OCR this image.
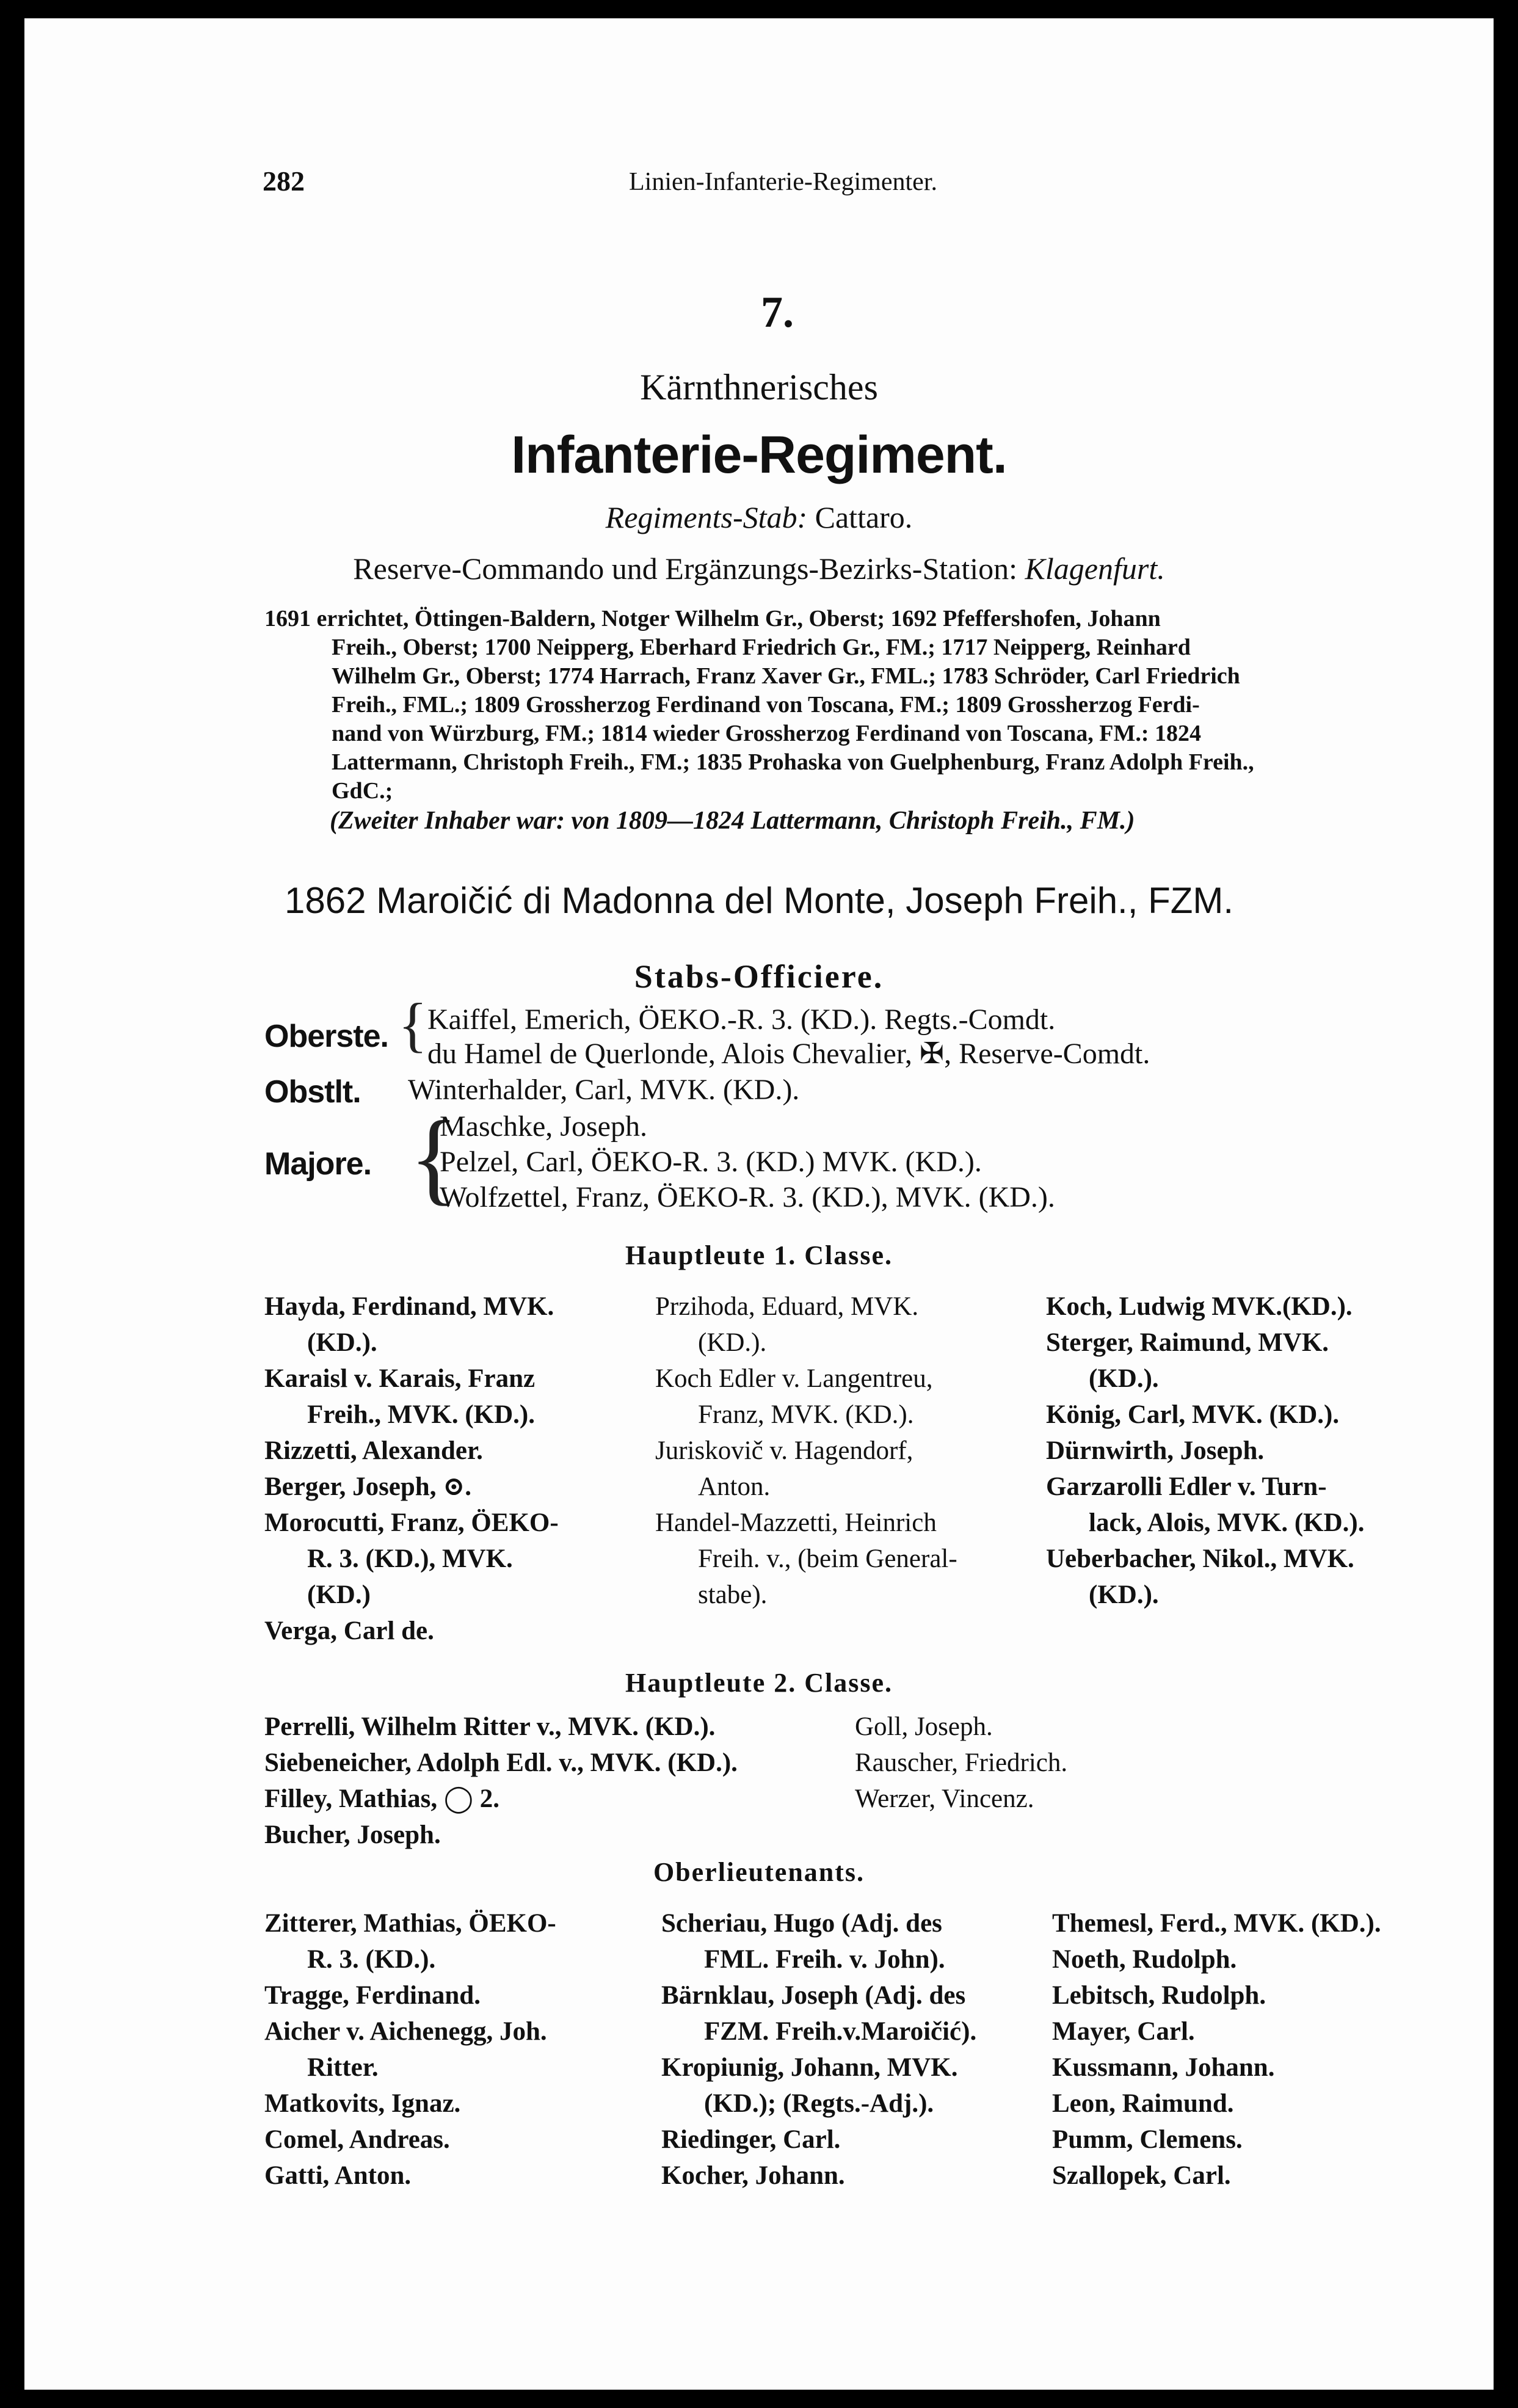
282	Linien-Infanterie-Regimenter.
7.
Kärnthnerisches
Infanterie-Regiment.
Regiments-Stab: Cattaro.
Reserve-Commando und Ergänzungs-Bezirks-Station: Klagenfurt.
1691 errichtet, Öttingen-Baldern, Notger Wilhelm Gr., Oberst; 1692 Pfeffershofen, Johann
Freih., Oberst; 1700 Neipperg, Eberhard Friedrich Gr., FM.; 1717 Neipperg, Reinhard
Wilhelm Gr., Oberst; 1774 Harrach, Franz Xaver Gr., FML.; 1783 Schröder, Carl Friedrich
Freih., FML.; 1809 Grossherzog Ferdinand von Toscana, FM.; 1809 Grossherzog Ferdi-
nand von Würzburg, FM.; 1814 wieder Grossherzog Ferdinand von Toscana, FM.: 1824
Lattermann, Christoph Freih., FM.; 1835 Prohaska von Guelphenburg, Franz Adolph Freih.,
GdC.;
(Zweiter Inhaber war: von 1809—1824 Lattermann, Christoph Freih., FM.)
1862 Maroičić di Madonna del Monte, Joseph Freih., FZM.
Stabs-Officiere.
Oberste. { Kaiffel, Emerich, ÖEKO.-R. 3. (KD.). Regts.-Comdt.
du Hamel de Querlonde, Alois Chevalier, ✠, Reserve-Comdt.
Obstlt. Winterhalder, Carl, MVK. (KD.).
Majore. {
Maschke, Joseph.
Pelzel, Carl, ÖEKO-R. 3. (KD.) MVK. (KD.).
Wolfzettel, Franz, ÖEKO-R. 3. (KD.), MVK. (KD.).
Hauptleute 1. Classe.
Hayda, Ferdinand, MVK.
(KD.).
Karaisl v. Karais, Franz
Freih., MVK. (KD.).
Rizzetti, Alexander.
Berger, Joseph, ⊙.
Morocutti, Franz, ÖEKO-
R. 3. (KD.), MVK.
(KD.)
Verga, Carl de.
Przihoda, Eduard, MVK.
(KD.).
Koch Edler v. Langentreu,
Franz, MVK. (KD.).
Juriskovič v. Hagendorf,
Anton.
Handel-Mazzetti, Heinrich
Freih. v., (beim General-
stabe).
Koch, Ludwig MVK.(KD.).
Sterger, Raimund, MVK.
(KD.).
König, Carl, MVK. (KD.).
Dürnwirth, Joseph.
Garzarolli Edler v. Turn-
lack, Alois, MVK. (KD.).
Ueberbacher, Nikol., MVK.
(KD.).
Hauptleute 2. Classe.
Perrelli, Wilhelm Ritter v., MVK. (KD.).
Siebeneicher, Adolph Edl. v., MVK. (KD.).
Filley, Mathias, ◯ 2.
Bucher, Joseph.
Goll, Joseph.
Rauscher, Friedrich.
Werzer, Vincenz.
Oberlieutenants.
Zitterer, Mathias, ÖEKO-
R. 3. (KD.).
Tragge, Ferdinand.
Aicher v. Aichenegg, Joh.
Ritter.
Matkovits, Ignaz.
Comel, Andreas.
Gatti, Anton.
Scheriau, Hugo (Adj. des
FML. Freih. v. John).
Bärnklau, Joseph (Adj. des
FZM. Freih.v.Maroičić).
Kropiunig, Johann, MVK.
(KD.); (Regts.-Adj.).
Riedinger, Carl.
Kocher, Johann.
Themesl, Ferd., MVK. (KD.).
Noeth, Rudolph.
Lebitsch, Rudolph.
Mayer, Carl.
Kussmann, Johann.
Leon, Raimund.
Pumm, Clemens.
Szallopek, Carl.
